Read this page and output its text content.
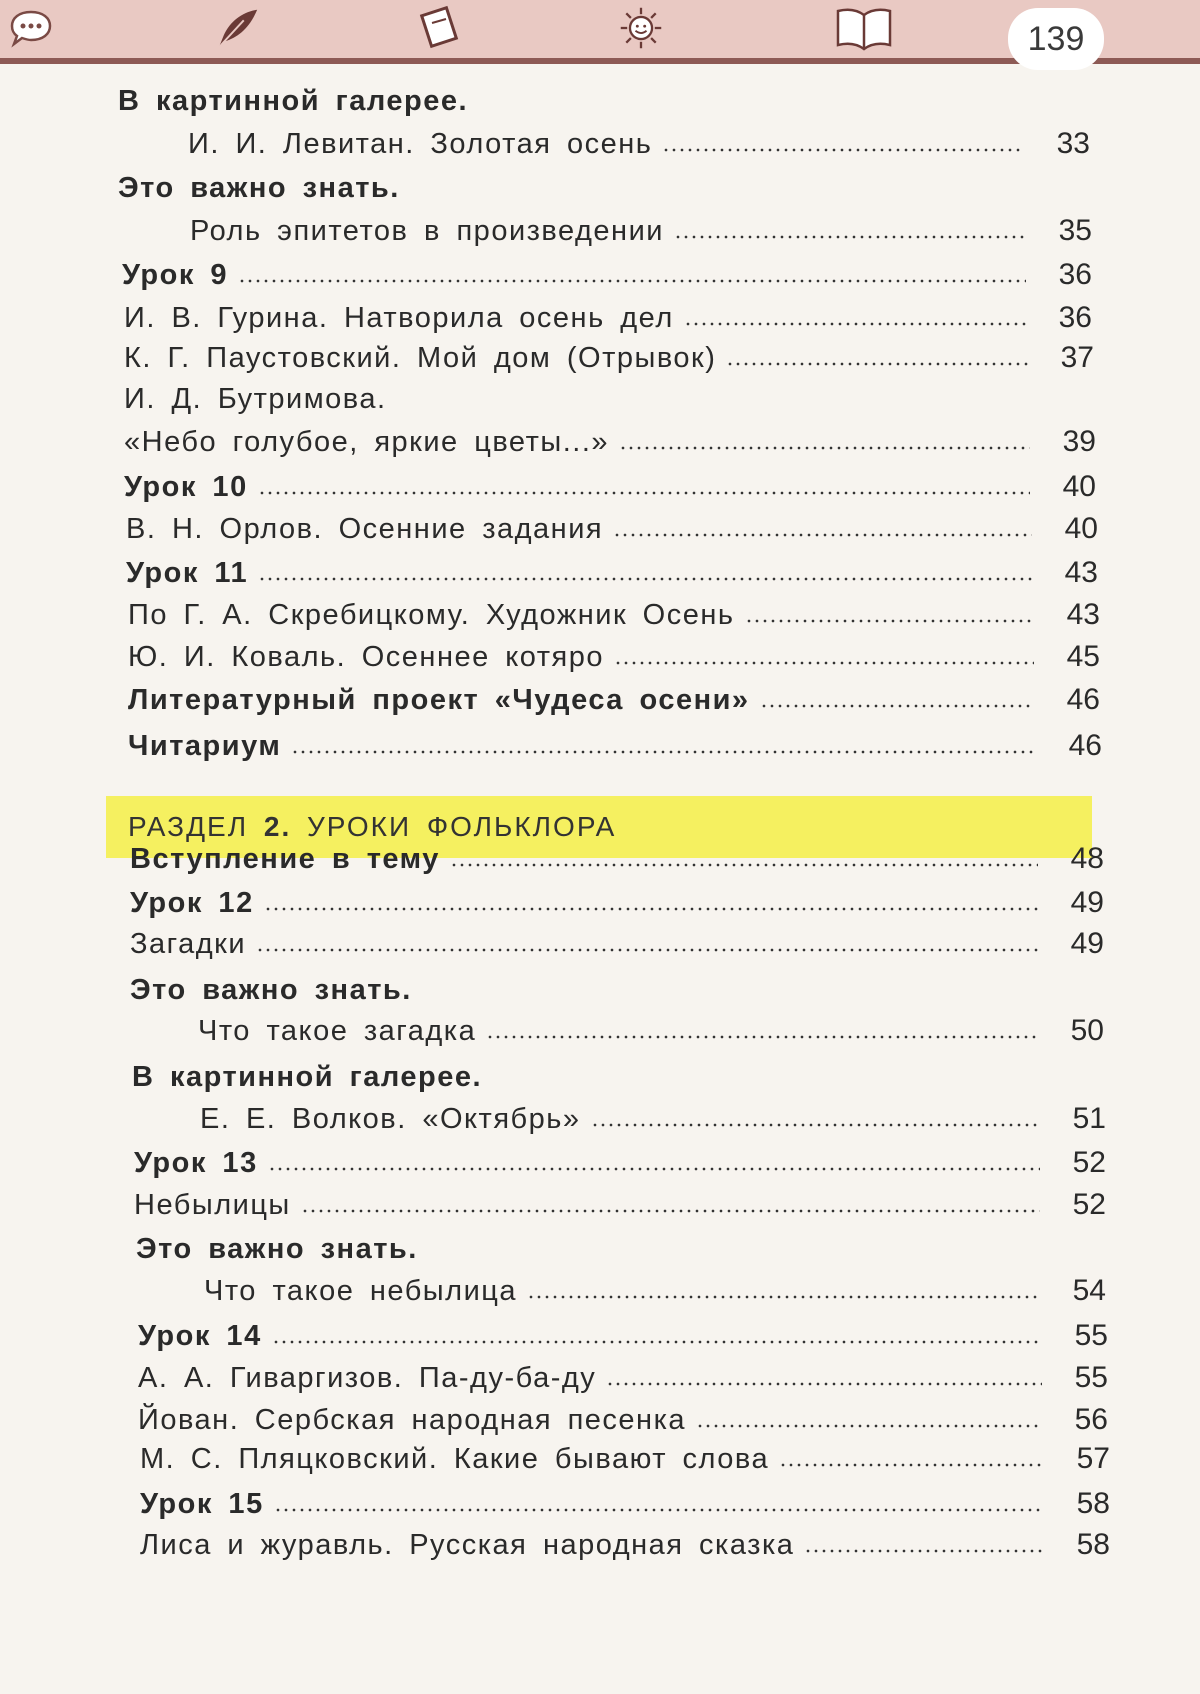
139
РАЗДЕЛ 2. УРОКИ ФОЛЬКЛОРА
В картинной галерее.
И. И. Левитан. Золотая осень	33
Это важно знать.
Роль эпитетов в произведении	35
Урок 9	36
И. В. Гурина. Натворила осень дел	36
К. Г. Паустовский. Мой дом (Отрывок)	37
И. Д. Бутримова.
«Небо голубое, яркие цветы...»	39
Урок 10	40
В. Н. Орлов. Осенние задания	40
Урок 11	43
По Г. А. Скребицкому. Художник Осень	43
Ю. И. Коваль. Осеннее котяро	45
Литературный проект «Чудеса осени»	46
Читариум	46
Вступление в тему	48
Урок 12	49
Загадки	49
Это важно знать.
Что такое загадка	50
В картинной галерее.
Е. Е. Волков. «Октябрь»	51
Урок 13	52
Небылицы	52
Это важно знать.
Что такое небылица	54
Урок 14	55
А. А. Гиваргизов. Па-ду-ба-ду	55
Йован. Сербская народная песенка	56
М. С. Пляцковский. Какие бывают слова	57
Урок 15	58
Лиса и журавль. Русская народная сказка	58
